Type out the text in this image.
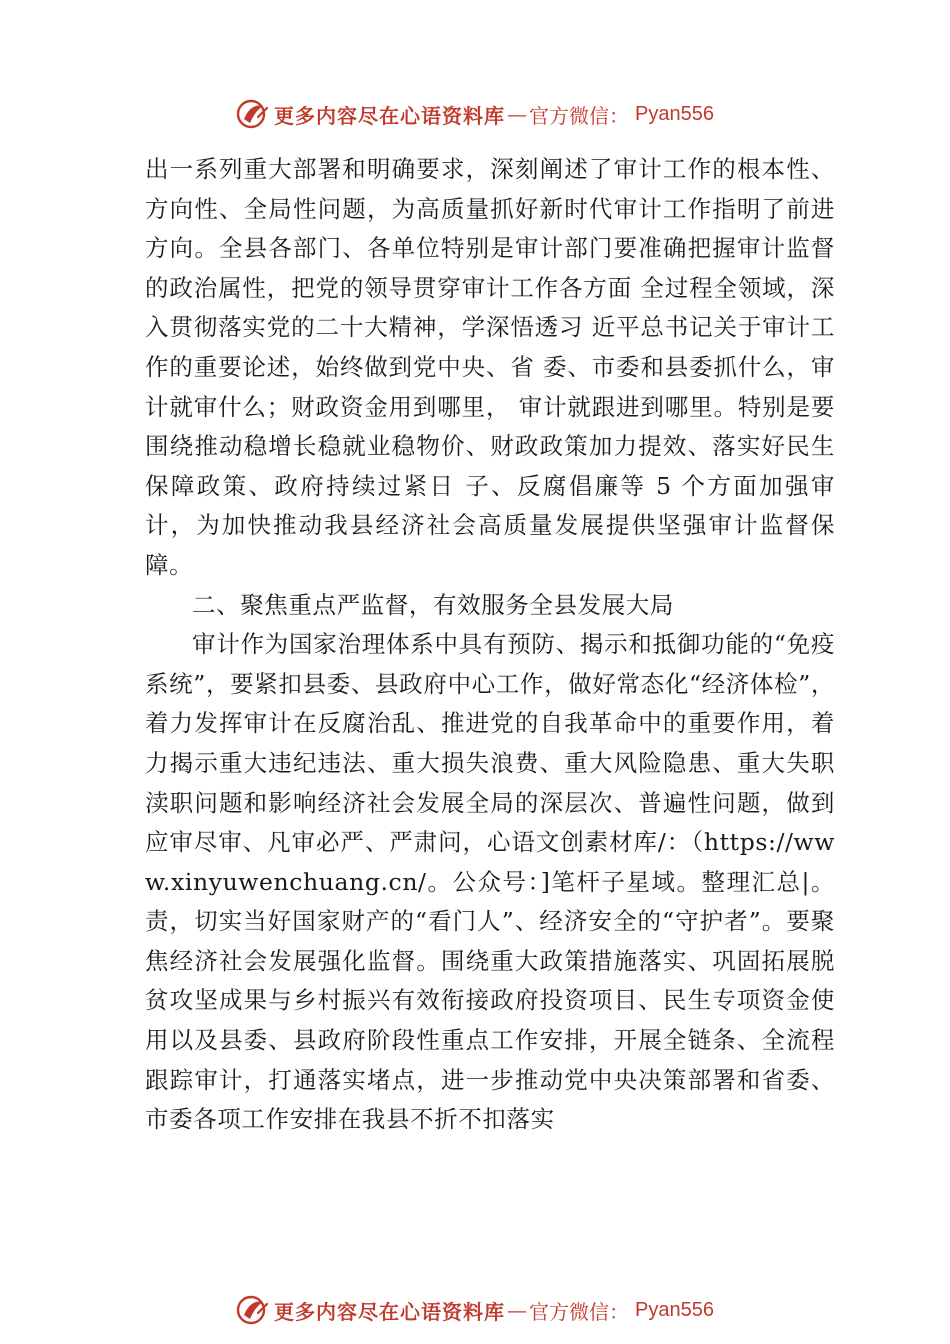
更多内容尽在心语资料库 — 官方微信 ： Pyan556

出一系列重大部署和明确要求，深刻阐述了审计工作的根本性、方向性、全局性问题，为高质量抓好新时代审计工作指明了前进方向。全县各部门、各单位特别是审计部门要准确把握审计监督的政治属性，把党的领导贯穿审计工作各方面 全过程全领域，深入贯彻落实党的二十大精神，学深悟透习 近平总书记关于审计工作的重要论述，始终做到党中央、省 委、市委和县委抓什么，审计就审什么；财政资金用到哪里， 审计就跟进到哪里。特别是要围绕推动稳增长稳就业稳物价、财政政策加力提效、落实好民生保障政策、政府持续过紧日 子、反腐倡廉等 5 个方面加强审计，为加快推动我县经济社会高质量发展提供坚强审计监督保障。

二、聚焦重点严监督，有效服务全县发展大局

审计作为国家治理体系中具有预防、揭示和抵御功能的“免疫系统”，要紧扣县委、县政府中心工作，做好常态化“经济体检”，着力发挥审计在反腐治乱、推进党的自我革命中的重要作用，着力揭示重大违纪违法、重大损失浪费、重大风险隐患、重大失职渎职问题和影响经济社会发展全局的深层次、普遍性问题，做到应审尽审、凡审必严、严肃问，心语文创素材库/：（https://www.xinyuwenchuang.cn/。公众号：]笔杆子星域。整理汇总|。责，切实当好国家财产的“看门人”、经济安全的“守护者”。要聚焦经济社会发展强化监督。围绕重大政策措施落实、巩固拓展脱贫攻坚成果与乡村振兴有效衔接政府投资项目、民生专项资金使用以及县委、县政府阶段性重点工作安排，开展全链条、全流程跟踪审计，打通落实堵点，进一步推动党中央决策部署和省委、市委各项工作安排在我县不折不扣落实

更多内容尽在心语资料库 — 官方微信 ： Pyan556
